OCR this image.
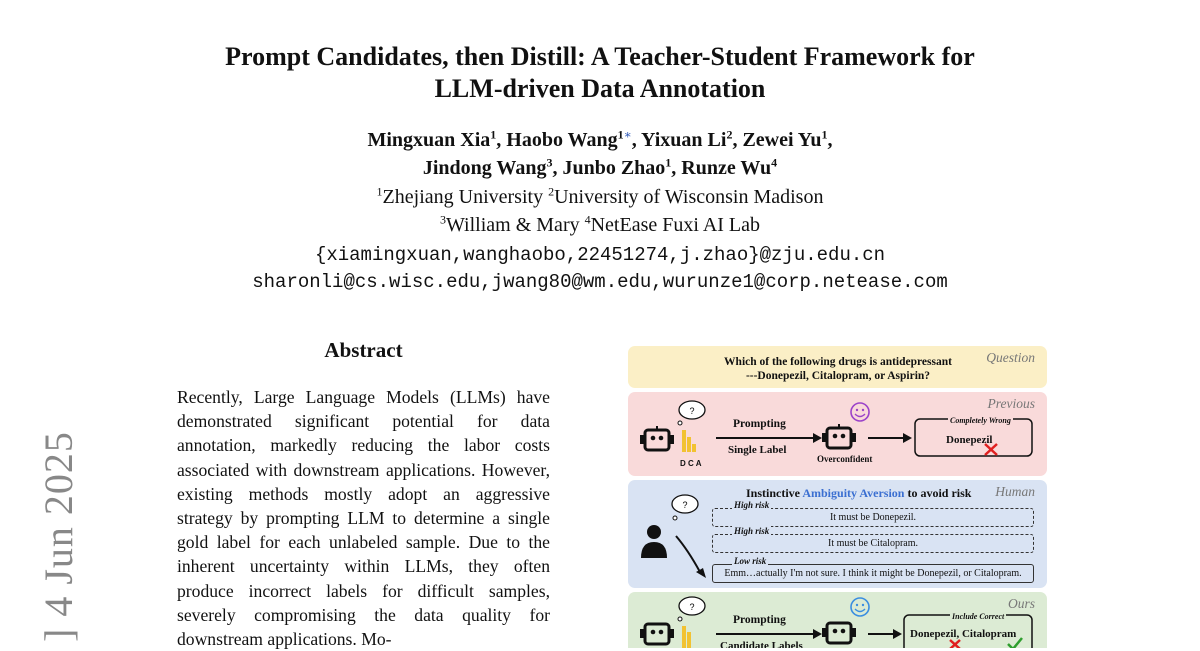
Prompt Candidates, then Distill: A Teacher-Student Framework for
LLM-driven Data Annotation
Mingxuan Xia$^1$, Haobo Wang$^{1∗}$, Yixuan Li$^2$, Zewei Yu$^1$,
Jindong Wang$^3$, Junbo Zhao$^1$, Runze Wu$^4$
$^1$Zhejiang University $^2$University of Wisconsin Madison
$^3$William & Mary $^4$NetEase Fuxi AI Lab
{xiamingxuan,wanghaobo,22451274,j.zhao}@zju.edu.cn
sharonli@cs.wisc.edu,jwang80@wm.edu,wurunze1@corp.netease.com
] 4 Jun 2025
Abstract
Recently, Large Language Models (LLMs) have demonstrated significant potential for data annotation, markedly reducing the labor costs associated with downstream applications. However, existing methods mostly adopt an aggressive strategy by prompting LLM to determine a single gold label for each unlabeled sample. Due to the inherent uncertainty within LLMs, they often produce incorrect labels for difficult samples, severely compromising the data quality for downstream applications. Mo-
Which of the following drugs is antidepressant
---Donepezil, Citalopram, or Aspirin?
Question
Previous
?
D C A
Prompting
Single Label
Overconfident
Completely Wrong
Donepezil
Human
Instinctive Ambiguity Aversion to avoid risk
?
It must be Donepezil.
High risk
It must be Citalopram.
High risk
Emm…actually I'm not sure. I think it might be Donepezil, or Citalopram.
Low risk
Ours
?
Prompting
Candidate Labels
Include Correct
Donepezil, Citalopram
